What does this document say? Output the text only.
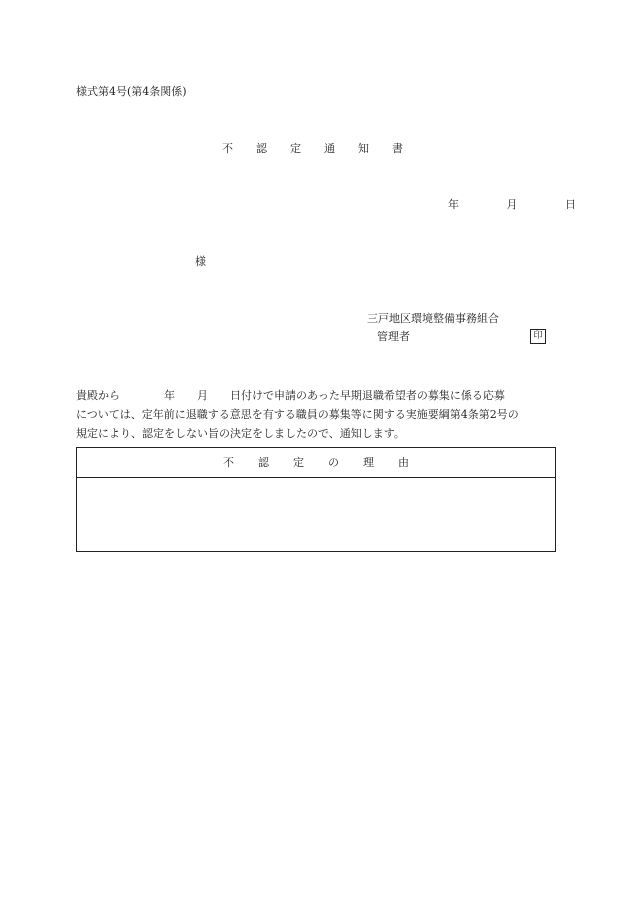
様式第4号(第4条関係)
不認定通知書
年 月 日
様
三戸地区環境整備事務組合
管理者	印
貴殿から　　　　年　　月　　日付けで申請のあった早期退職希望者の募集に係る応募
については、定年前に退職する意思を有する職員の募集等に関する実施要綱第4条第2号の
規定により、認定をしない旨の決定をしましたので、通知します。
不認定の理由
